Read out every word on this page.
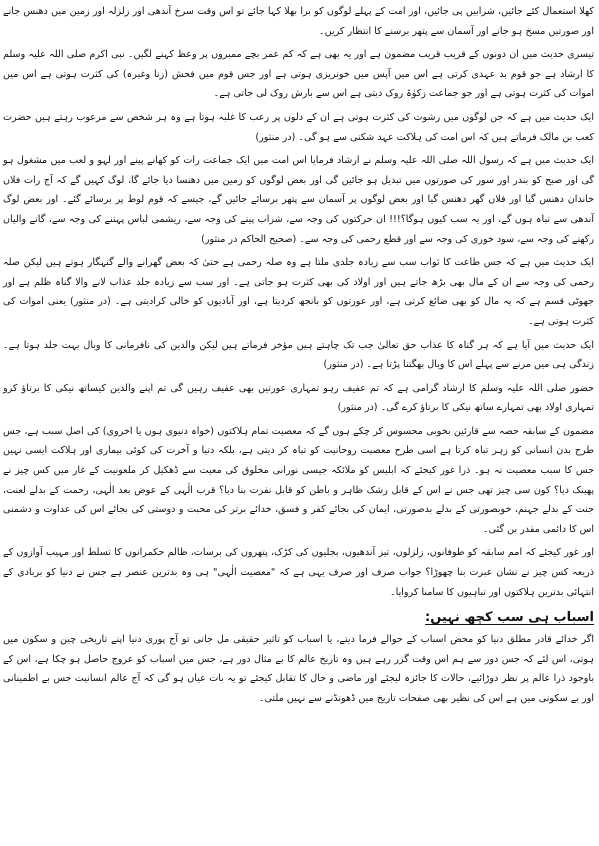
کھلا استعمال کئے جائیں، شرابیں پی جائیں، اور امت کے پہلے لوگوں کو برا بھلا کہا جائے تو اس وقت سرخ آندھی اور زلزلہ اور زمین میں دھنس جانے اور صورتیں مسخ ہو جانے اور آسمان سے پتھر برسنے کا انتظار کریں۔

تیسری حدیث میں ان دونوں کے قریب قریب مضمون ہے اور یہ بھی ہے کہ کم عمر بچے ممبروں پر وعظ کہنے لگیں۔ نبی اکرم صلی اللہ علیہ وسلم کا ارشاد ہے جو قوم بد عہدی کرتی ہے اس میں آپس میں خونریزی ہوتی ہے اور جس قوم میں فحش (زنا وغیرہ) کی کثرت ہوتی ہے اس میں اموات کی کثرت ہوتی ہے اور جو جماعت زکوٰۃ روک دیتی ہے اس سے بارش روک لی جاتی ہے۔

ایک حدیث میں ہے کہ جن لوگوں میں رشوت کی کثرت ہوتی ہے ان کے دلوں پر رعب کا غلبہ ہوتا ہے وہ ہر شخص سے مرعوب رہتے ہیں حضرت کعب بن مالک فرماتے ہیں کہ اس امت کی ہلاکت عہد شکنی سے ہو گی۔ (در منثور)

ایک حدیث میں ہے کہ رسول اللہ صلی اللہ علیہ وسلم نے ارشاد فرمایا اس امت میں ایک جماعت رات کو کھانے پینے اور لہو و لعب میں مشغول ہو گی اور صبح کو بندر اور سور کی صورتوں میں تبدیل ہو جائیں گی اور بعض لوگوں کو زمین میں دھنسا دیا جائے گا، لوگ کہیں گے کہ آج رات فلاں خاندان دھنس گیا اور فلاں گھر دھنس گیا اور بعض لوگوں پر آسمان سے پتھر برسائے جائیں گے، جیسے کہ قوم لوط پر برسائے گئے۔ اور بعض لوگ آندھی سے تباہ ہوں گے، اور یہ سب کیوں ہوگا؟!!! ان حرکتوں کی وجہ سے، شراب پینے کی وجہ سے، ریشمی لباس پہننے کی وجہ سے، گانے والیاں رکھنے کی وجہ سے، سود خوری کی وجہ سے اور قطع رحمی کی وجہ سے۔ (صحیح الحاکم در منثور)

ایک حدیث میں ہے کہ جس طاعت کا ثواب سب سے زیادہ جلدی ملتا ہے وہ صلہ رحمی ہے حتیٰ کہ بعض گھرانے والے گنہگار ہوتے ہیں لیکن صلہ رحمی کی وجہ سے ان کے مال بھی بڑھ جاتے ہیں اور اولاد کی بھی کثرت ہو جاتی ہے۔ اور سب سے زیادہ جلد عذاب لانے والا گناہ ظلم ہے اور جھوٹی قسم ہے کہ یہ مال کو بھی ضائع کرتی ہے، اور عورتوں کو بانجھ کردیتا ہے، اور آبادیوں کو خالی کرادیتی ہے۔ (در منثور) یعنی اموات کی کثرت ہوتی ہے۔

ایک حدیث میں آیا ہے کہ ہر گناہ کا عذاب حق تعالیٰ جب تک چاہتے ہیں مؤخر فرماتے ہیں لیکن والدین کی نافرمانی کا وبال بہت جلد ہوتا ہے۔ زندگی ہی میں مرنے سے پہلے اس کا وبال بھگتنا پڑتا ہے۔ (در منثور)

حضور صلی اللہ علیہ وسلم کا ارشاد گرامی ہے کہ تم عفیف رہو تمہاری عورتیں بھی عفیف رہیں گی تم اپنے والدین کیساتھ نیکی کا برتاؤ کرو تمہاری اولاد بھی تمہارے ساتھ نیکی کا برتاؤ کرے گی۔ (در منثور)

مضمون کے سابقہ حصہ سے قارئین بخوبی محسوس کر چکے ہوں گے کہ معصیت تمام ہلاکتوں (خواہ دنیوی ہوں یا اخروی) کی اصل سبب ہے، جس طرح بدن انسانی کو زہر تباہ کرتا ہے اسی طرح معصیت روحانیت کو تباہ کر دیتی ہے، بلکہ دنیا و آخرت کی کوئی بیماری اور ہلاکت ایسی نہیں جس کا سبب معصیت نہ ہو۔ ذرا غور کیجئے کہ ابلیس کو ملائکہ جیسی نورانی مخلوق کی معیت سے ڈھکیل کر ملعونیت کے غار میں کس چیز نے پھینک دیا؟ کون سی چیز تھی جس نے اس کے قابل رشک ظاہر و باطن کو قابل نفرت بنا دیا؟ قرب الٰہی کے عوض بعد الٰہی، رحمت کے بدلے لعنت، جنت کے بدلے جہنم، خوبصورتی کے بدلے بدصورتی، ایمان کی بجائے کفر و فسق، خدائے برتر کی محبت و دوستی کی بجائے اس کی عداوت و دشمنی اس کا دائمی مقدر بن گئی۔

اور غور کیجئے کہ امم سابقہ کو طوفانوں، زلزلوں، تیز آندھیوں، بجلیوں کی کڑک، پتھروں کی برسات، ظالم حکمرانوں کا تسلط اور مہیب آوازوں کے ذریعہ کس چیز نے نشان عبرت بنا چھوڑا؟ جواب صرف اور صرف یہی ہے کہ "معصیت الٰہی" ہی وہ بدترین عنصر ہے جس نے دنیا کو بربادی کے انتہائی بدترین ہلاکتوں اور تباہیوں کا سامنا کروایا۔

اسباب ہی سب کچھ نہیں:

اگر خدائے قادر مطلق دنیا کو محض اسباب کے حوالے فرما دیتے، یا اسباب کو تاثیر حقیقی مل جاتی تو آج پوری دنیا اپنے تاریخی چین و سکون میں ہوتی، اس لئے کہ جس دور سے ہم اس وقت گزر رہے ہیں وہ تاریخ عالم کا بے مثال دور ہے، جس میں اسباب کو عروج حاصل ہو چکا ہے، اس کے باوجود ذرا عالم پر نظر دوڑائیے، حالات کا جائزہ لیجئے اور ماضی و حال کا تقابل کیجئے تو یہ بات عیاں ہو گی کہ آج عالم انسانیت جس بے اطمینانی اور بے سکونی میں ہے اس کی نظیر بھی صفحات تاریخ میں ڈھونڈنے سے نہیں ملتی۔
